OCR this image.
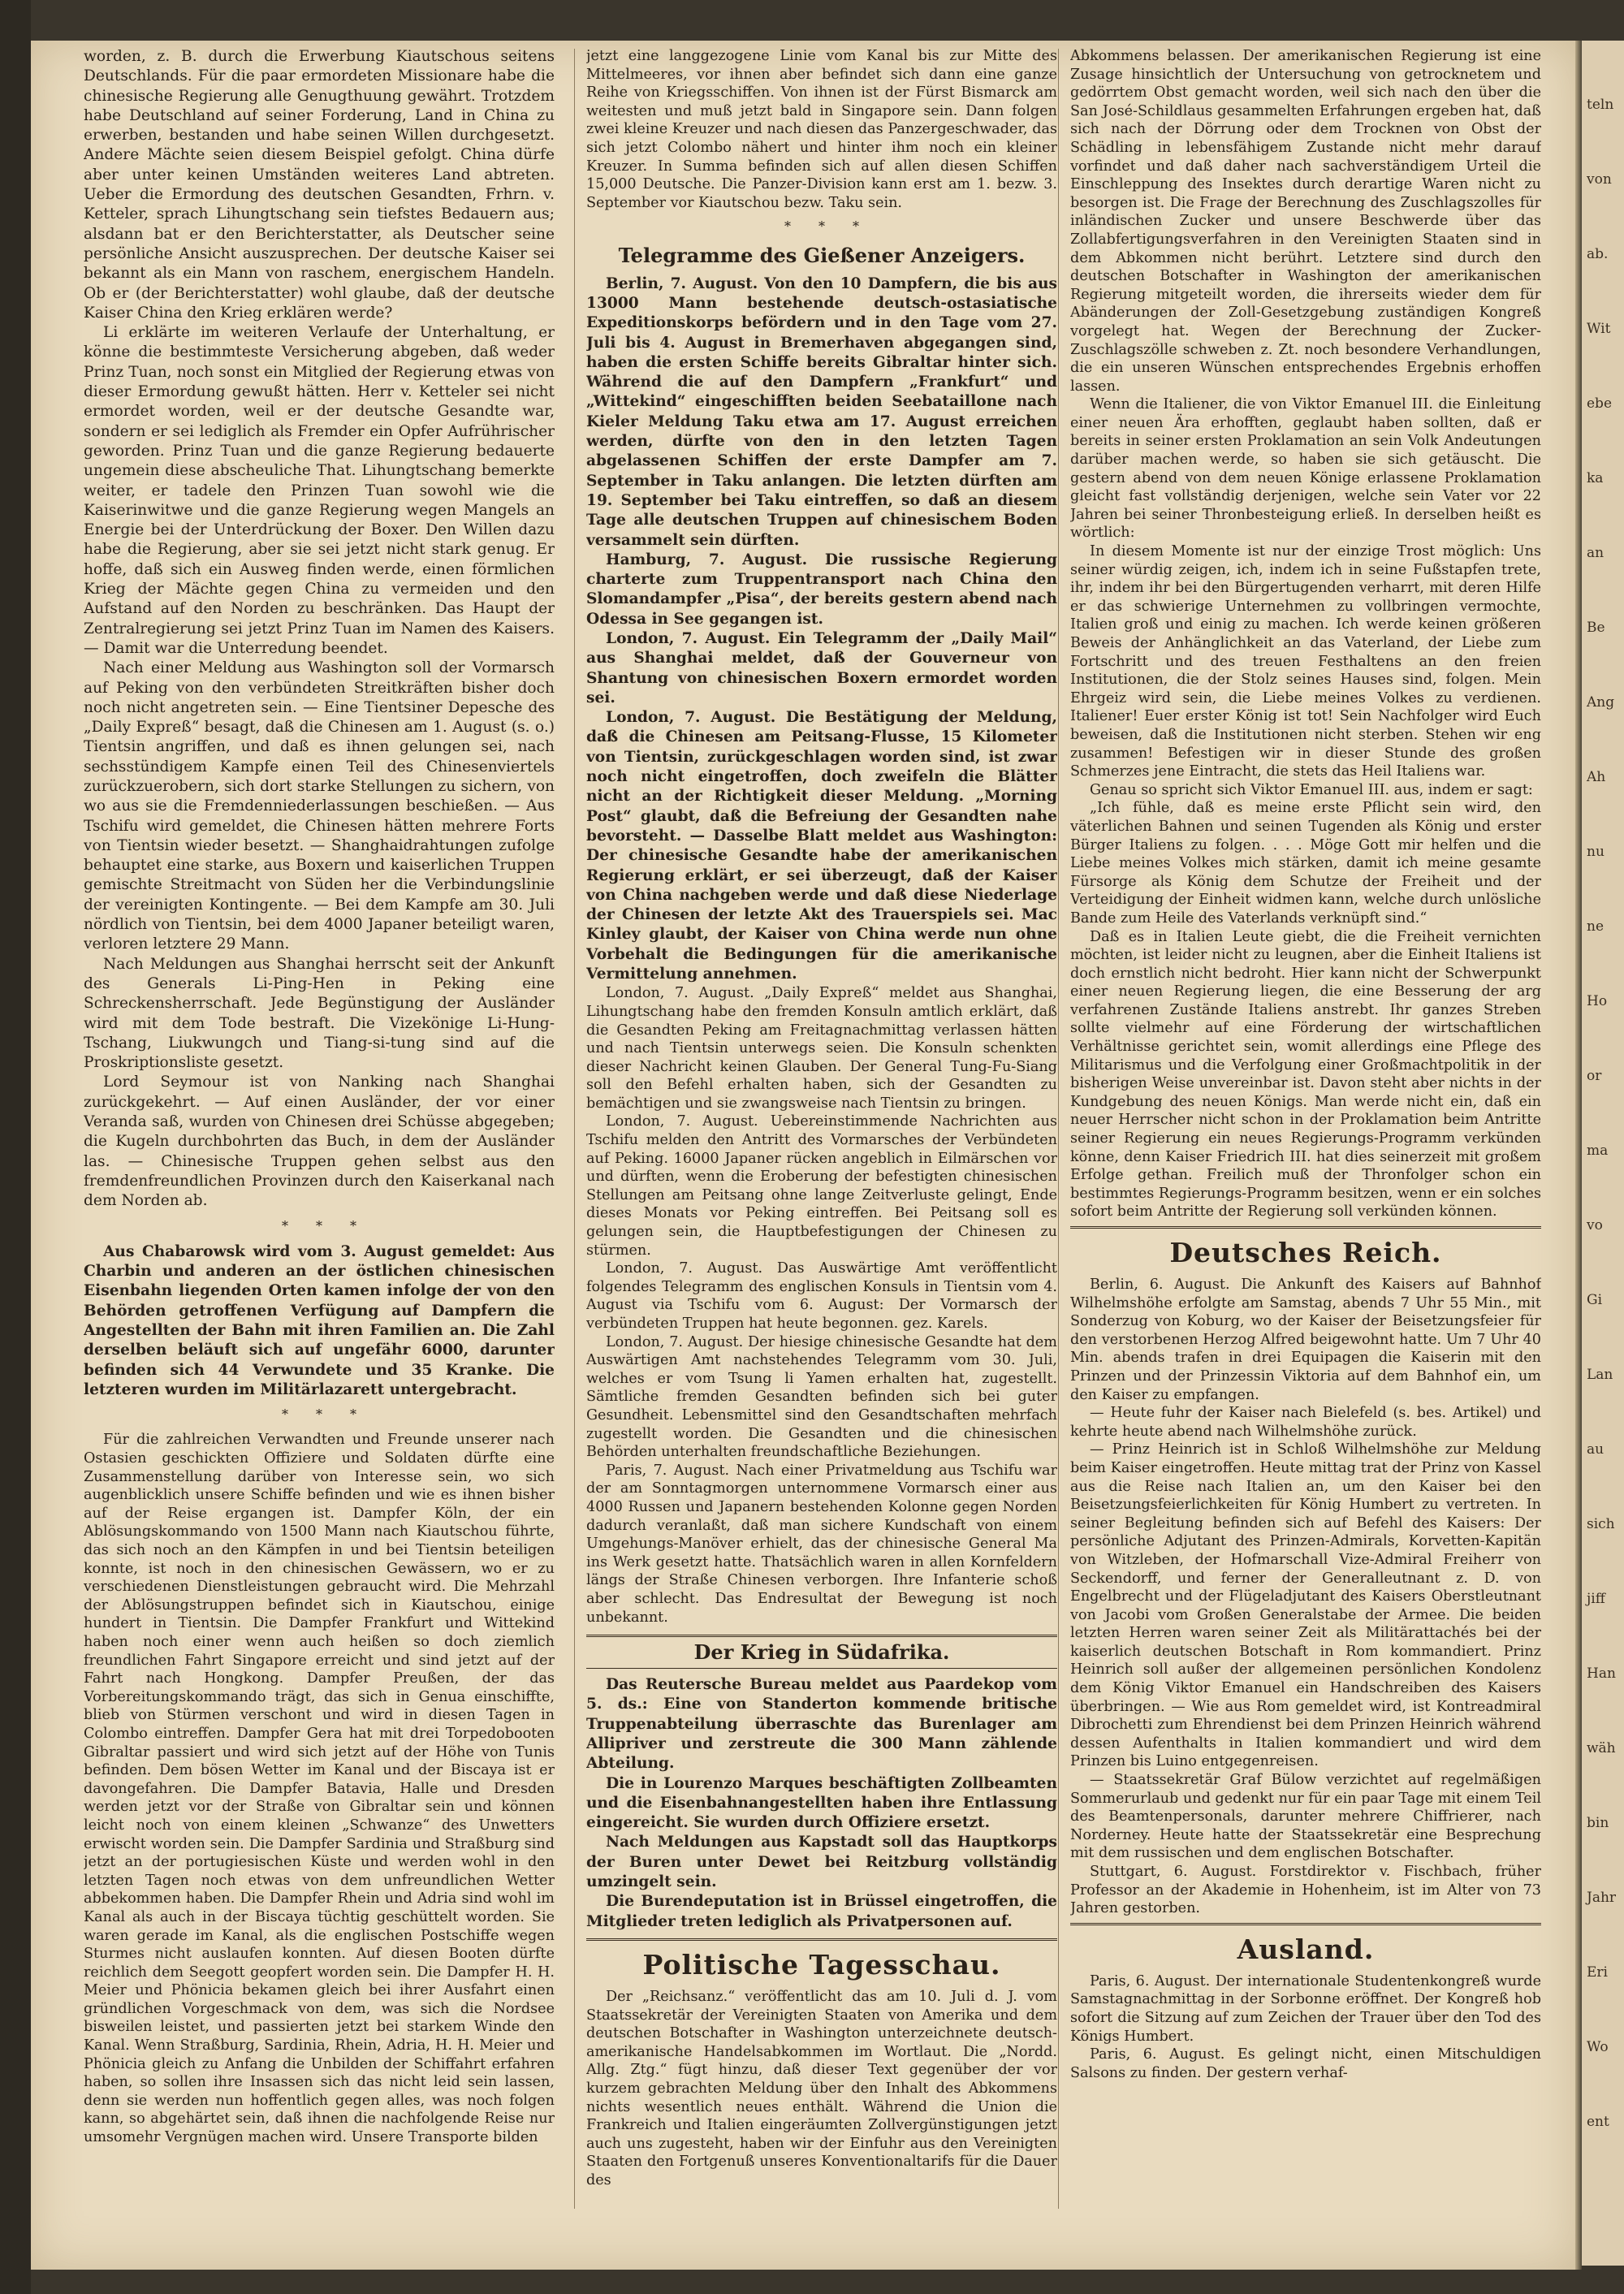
teln
von
ab.
Wit
ebe
ka
an
Be
Ang
Ah
nu
ne
Ho
or
ma
vo
Gi
Lan
au
sich
jiff
Han
wäh
bin
Jahr
Eri
Wo
ent

worden, z. B. durch die Erwerbung Kiautschous seitens Deutschlands. Für die paar ermordeten Missionare habe die chinesische Regierung alle Genugthuung gewährt. Trotzdem habe Deutschland auf seiner Forderung, Land in China zu erwerben, bestanden und habe seinen Willen durchgesetzt. Andere Mächte seien diesem Beispiel gefolgt. China dürfe aber unter keinen Umständen weiteres Land abtreten. Ueber die Ermordung des deutschen Gesandten, Frhrn. v. Ketteler, sprach Lihungtschang sein tiefstes Bedauern aus; alsdann bat er den Berichterstatter, als Deutscher seine persönliche Ansicht auszusprechen. Der deutsche Kaiser sei bekannt als ein Mann von raschem, energischem Handeln. Ob er (der Berichterstatter) wohl glaube, daß der deutsche Kaiser China den Krieg erklären werde?

Li erklärte im weiteren Verlaufe der Unterhaltung, er könne die bestimmteste Versicherung abgeben, daß weder Prinz Tuan, noch sonst ein Mitglied der Regierung etwas von dieser Ermordung gewußt hätten. Herr v. Ketteler sei nicht ermordet worden, weil er der deutsche Gesandte war, sondern er sei lediglich als Fremder ein Opfer Aufrührischer geworden. Prinz Tuan und die ganze Regierung bedauerte ungemein diese abscheuliche That. Lihungtschang bemerkte weiter, er tadele den Prinzen Tuan sowohl wie die Kaiserinwitwe und die ganze Regierung wegen Mangels an Energie bei der Unterdrückung der Boxer. Den Willen dazu habe die Regierung, aber sie sei jetzt nicht stark genug. Er hoffe, daß sich ein Ausweg finden werde, einen förmlichen Krieg der Mächte gegen China zu vermeiden und den Aufstand auf den Norden zu beschränken. Das Haupt der Zentralregierung sei jetzt Prinz Tuan im Namen des Kaisers. — Damit war die Unterredung beendet.

Nach einer Meldung aus Washington soll der Vormarsch auf Peking von den verbündeten Streitkräften bisher doch noch nicht angetreten sein. — Eine Tientsiner Depesche des „Daily Expreß“ besagt, daß die Chinesen am 1. August (s. o.) Tientsin angriffen, und daß es ihnen gelungen sei, nach sechsstündigem Kampfe einen Teil des Chinesenviertels zurückzuerobern, sich dort starke Stellungen zu sichern, von wo aus sie die Fremdenniederlassungen beschießen. — Aus Tschifu wird gemeldet, die Chinesen hätten mehrere Forts von Tientsin wieder besetzt. — Shanghaidrahtungen zufolge behauptet eine starke, aus Boxern und kaiserlichen Truppen gemischte Streitmacht von Süden her die Verbindungslinie der vereinigten Kontingente. — Bei dem Kampfe am 30. Juli nördlich von Tientsin, bei dem 4000 Japaner beteiligt waren, verloren letztere 29 Mann.

Nach Meldungen aus Shanghai herrscht seit der Ankunft des Generals Li-Ping-Hen in Peking eine Schreckensherrschaft. Jede Begünstigung der Ausländer wird mit dem Tode bestraft. Die Vizekönige Li-Hung-Tschang, Liukwungch und Tiang-si-tung sind auf die Proskriptionsliste gesetzt.

Lord Seymour ist von Nanking nach Shanghai zurückgekehrt. — Auf einen Ausländer, der vor einer Veranda saß, wurden von Chinesen drei Schüsse abgegeben; die Kugeln durchbohrten das Buch, in dem der Ausländer las. — Chinesische Truppen gehen selbst aus den fremdenfreundlichen Provinzen durch den Kaiserkanal nach dem Norden ab.

***

Aus Chabarowsk wird vom 3. August gemeldet: Aus Charbin und anderen an der östlichen chinesischen Eisenbahn liegenden Orten kamen infolge der von den Behörden getroffenen Verfügung auf Dampfern die Angestellten der Bahn mit ihren Familien an. Die Zahl derselben beläuft sich auf ungefähr 6000, darunter befinden sich 44 Verwundete und 35 Kranke. Die letzteren wurden im Militärlazarett untergebracht.

***

Für die zahlreichen Verwandten und Freunde unserer nach Ostasien geschickten Offiziere und Soldaten dürfte eine Zusammenstellung darüber von Interesse sein, wo sich augenblicklich unsere Schiffe befinden und wie es ihnen bisher auf der Reise ergangen ist. Dampfer Köln, der ein Ablösungskommando von 1500 Mann nach Kiautschou führte, das sich noch an den Kämpfen in und bei Tientsin beteiligen konnte, ist noch in den chinesischen Gewässern, wo er zu verschiedenen Dienstleistungen gebraucht wird. Die Mehrzahl der Ablösungstruppen befindet sich in Kiautschou, einige hundert in Tientsin. Die Dampfer Frankfurt und Wittekind haben noch einer wenn auch heißen so doch ziemlich freundlichen Fahrt Singapore erreicht und sind jetzt auf der Fahrt nach Hongkong. Dampfer Preußen, der das Vorbereitungskommando trägt, das sich in Genua einschiffte, blieb von Stürmen verschont und wird in diesen Tagen in Colombo eintreffen. Dampfer Gera hat mit drei Torpedobooten Gibraltar passiert und wird sich jetzt auf der Höhe von Tunis befinden. Dem bösen Wetter im Kanal und der Biscaya ist er davongefahren. Die Dampfer Batavia, Halle und Dresden werden jetzt vor der Straße von Gibraltar sein und können leicht noch von einem kleinen „Schwanze“ des Unwetters erwischt worden sein. Die Dampfer Sardinia und Straßburg sind jetzt an der portugiesischen Küste und werden wohl in den letzten Tagen noch etwas von dem unfreundlichen Wetter abbekommen haben. Die Dampfer Rhein und Adria sind wohl im Kanal als auch in der Biscaya tüchtig geschüttelt worden. Sie waren gerade im Kanal, als die englischen Postschiffe wegen Sturmes nicht auslaufen konnten. Auf diesen Booten dürfte reichlich dem Seegott geopfert worden sein. Die Dampfer H. H. Meier und Phönicia bekamen gleich bei ihrer Ausfahrt einen gründlichen Vorgeschmack von dem, was sich die Nordsee bisweilen leistet, und passierten jetzt bei starkem Winde den Kanal. Wenn Straßburg, Sardinia, Rhein, Adria, H. H. Meier und Phönicia gleich zu Anfang die Unbilden der Schiffahrt erfahren haben, so sollen ihre Insassen sich das nicht leid sein lassen, denn sie werden nun hoffentlich gegen alles, was noch folgen kann, so abgehärtet sein, daß ihnen die nachfolgende Reise nur umsomehr Vergnügen machen wird. Unsere Transporte bilden

jetzt eine langgezogene Linie vom Kanal bis zur Mitte des Mittelmeeres, vor ihnen aber befindet sich dann eine ganze Reihe von Kriegsschiffen. Von ihnen ist der Fürst Bismarck am weitesten und muß jetzt bald in Singapore sein. Dann folgen zwei kleine Kreuzer und nach diesen das Panzergeschwader, das sich jetzt Colombo nähert und hinter ihm noch ein kleiner Kreuzer. In Summa befinden sich auf allen diesen Schiffen 15,000 Deutsche. Die Panzer-Division kann erst am 1. bezw. 3. September vor Kiautschou bezw. Taku sein.

***
Telegramme des Gießener Anzeigers.

Berlin, 7. August. Von den 10 Dampfern, die bis aus 13000 Mann bestehende deutsch-ostasiatische Expeditionskorps befördern und in den Tage vom 27. Juli bis 4. August in Bremerhaven abgegangen sind, haben die ersten Schiffe bereits Gibraltar hinter sich. Während die auf den Dampfern „Frankfurt“ und „Wittekind“ eingeschifften beiden Seebataillone nach Kieler Meldung Taku etwa am 17. August erreichen werden, dürfte von den in den letzten Tagen abgelassenen Schiffen der erste Dampfer am 7. September in Taku anlangen. Die letzten dürften am 19. September bei Taku eintreffen, so daß an diesem Tage alle deutschen Truppen auf chinesischem Boden versammelt sein dürften.

Hamburg, 7. August. Die russische Regierung charterte zum Truppentransport nach China den Slomandampfer „Pisa“, der bereits gestern abend nach Odessa in See gegangen ist.

London, 7. August. Ein Telegramm der „Daily Mail“ aus Shanghai meldet, daß der Gouverneur von Shantung von chinesischen Boxern ermordet worden sei.

London, 7. August. Die Bestätigung der Meldung, daß die Chinesen am Peitsang-Flusse, 15 Kilometer von Tientsin, zurückgeschlagen worden sind, ist zwar noch nicht eingetroffen, doch zweifeln die Blätter nicht an der Richtigkeit dieser Meldung. „Morning Post“ glaubt, daß die Befreiung der Gesandten nahe bevorsteht. — Dasselbe Blatt meldet aus Washington: Der chinesische Gesandte habe der amerikanischen Regierung erklärt, er sei überzeugt, daß der Kaiser von China nachgeben werde und daß diese Niederlage der Chinesen der letzte Akt des Trauerspiels sei. Mac Kinley glaubt, der Kaiser von China werde nun ohne Vorbehalt die Bedingungen für die amerikanische Vermittelung annehmen.

London, 7. August. „Daily Expreß“ meldet aus Shanghai, Lihungtschang habe den fremden Konsuln amtlich erklärt, daß die Gesandten Peking am Freitagnachmittag verlassen hätten und nach Tientsin unterwegs seien. Die Konsuln schenkten dieser Nachricht keinen Glauben. Der General Tung-Fu-Siang soll den Befehl erhalten haben, sich der Gesandten zu bemächtigen und sie zwangsweise nach Tientsin zu bringen.

London, 7. August. Uebereinstimmende Nachrichten aus Tschifu melden den Antritt des Vormarsches der Verbündeten auf Peking. 16000 Japaner rücken angeblich in Eilmärschen vor und dürften, wenn die Eroberung der befestigten chinesischen Stellungen am Peitsang ohne lange Zeitverluste gelingt, Ende dieses Monats vor Peking eintreffen. Bei Peitsang soll es gelungen sein, die Hauptbefestigungen der Chinesen zu stürmen.

London, 7. August. Das Auswärtige Amt veröffentlicht folgendes Telegramm des englischen Konsuls in Tientsin vom 4. August via Tschifu vom 6. August: Der Vormarsch der verbündeten Truppen hat heute begonnen. gez. Karels.

London, 7. August. Der hiesige chinesische Gesandte hat dem Auswärtigen Amt nachstehendes Telegramm vom 30. Juli, welches er vom Tsung li Yamen erhalten hat, zugestellt. Sämtliche fremden Gesandten befinden sich bei guter Gesundheit. Lebensmittel sind den Gesandtschaften mehrfach zugestellt worden. Die Gesandten und die chinesischen Behörden unterhalten freundschaftliche Beziehungen.

Paris, 7. August. Nach einer Privatmeldung aus Tschifu war der am Sonntagmorgen unternommene Vormarsch einer aus 4000 Russen und Japanern bestehenden Kolonne gegen Norden dadurch veranlaßt, daß man sichere Kundschaft von einem Umgehungs-Manöver erhielt, das der chinesische General Ma ins Werk gesetzt hatte. Thatsächlich waren in allen Kornfeldern längs der Straße Chinesen verborgen. Ihre Infanterie schoß aber schlecht. Das Endresultat der Bewegung ist noch unbekannt.

Der Krieg in Südafrika.

Das Reutersche Bureau meldet aus Paardekop vom 5. ds.: Eine von Standerton kommende britische Truppenabteilung überraschte das Burenlager am Allipriver und zerstreute die 300 Mann zählende Abteilung.

Die in Lourenzo Marques beschäftigten Zollbeamten und die Eisenbahnangestellten haben ihre Entlassung eingereicht. Sie wurden durch Offiziere ersetzt.

Nach Meldungen aus Kapstadt soll das Hauptkorps der Buren unter Dewet bei Reitzburg vollständig umzingelt sein.

Die Burendeputation ist in Brüssel eingetroffen, die Mitglieder treten lediglich als Privatpersonen auf.

Politische Tagesschau.

Der „Reichsanz.“ veröffentlicht das am 10. Juli d. J. vom Staatssekretär der Vereinigten Staaten von Amerika und dem deutschen Botschafter in Washington unterzeichnete deutsch-amerikanische Handelsabkommen im Wortlaut. Die „Nordd. Allg. Ztg.“ fügt hinzu, daß dieser Text gegenüber der vor kurzem gebrachten Meldung über den Inhalt des Abkommens nichts wesentlich neues enthält. Während die Union die Frankreich und Italien eingeräumten Zollvergünstigungen jetzt auch uns zugesteht, haben wir der Einfuhr aus den Vereinigten Staaten den Fortgenuß unseres Konventionaltarifs für die Dauer des

Abkommens belassen. Der amerikanischen Regierung ist eine Zusage hinsichtlich der Untersuchung von getrocknetem und gedörrtem Obst gemacht worden, weil sich nach den über die San José-Schildlaus gesammelten Erfahrungen ergeben hat, daß sich nach der Dörrung oder dem Trocknen von Obst der Schädling in lebensfähigem Zustande nicht mehr darauf vorfindet und daß daher nach sachverständigem Urteil die Einschleppung des Insektes durch derartige Waren nicht zu besorgen ist. Die Frage der Berechnung des Zuschlagszolles für inländischen Zucker und unsere Beschwerde über das Zollabfertigungsverfahren in den Vereinigten Staaten sind in dem Abkommen nicht berührt. Letztere sind durch den deutschen Botschafter in Washington der amerikanischen Regierung mitgeteilt worden, die ihrerseits wieder dem für Abänderungen der Zoll-Gesetzgebung zuständigen Kongreß vorgelegt hat. Wegen der Berechnung der Zucker-Zuschlagszölle schweben z. Zt. noch besondere Verhandlungen, die ein unseren Wünschen entsprechendes Ergebnis erhoffen lassen.

Wenn die Italiener, die von Viktor Emanuel III. die Einleitung einer neuen Ära erhofften, geglaubt haben sollten, daß er bereits in seiner ersten Proklamation an sein Volk Andeutungen darüber machen werde, so haben sie sich getäuscht. Die gestern abend von dem neuen Könige erlassene Proklamation gleicht fast vollständig derjenigen, welche sein Vater vor 22 Jahren bei seiner Thronbesteigung erließ. In derselben heißt es wörtlich:

In diesem Momente ist nur der einzige Trost möglich: Uns seiner würdig zeigen, ich, indem ich in seine Fußstapfen trete, ihr, indem ihr bei den Bürgertugenden verharrt, mit deren Hilfe er das schwierige Unternehmen zu vollbringen vermochte, Italien groß und einig zu machen. Ich werde keinen größeren Beweis der Anhänglichkeit an das Vaterland, der Liebe zum Fortschritt und des treuen Festhaltens an den freien Institutionen, die der Stolz seines Hauses sind, folgen. Mein Ehrgeiz wird sein, die Liebe meines Volkes zu verdienen. Italiener! Euer erster König ist tot! Sein Nachfolger wird Euch beweisen, daß die Institutionen nicht sterben. Stehen wir eng zusammen! Befestigen wir in dieser Stunde des großen Schmerzes jene Eintracht, die stets das Heil Italiens war.

Genau so spricht sich Viktor Emanuel III. aus, indem er sagt:

„Ich fühle, daß es meine erste Pflicht sein wird, den väterlichen Bahnen und seinen Tugenden als König und erster Bürger Italiens zu folgen. . . . Möge Gott mir helfen und die Liebe meines Volkes mich stärken, damit ich meine gesamte Fürsorge als König dem Schutze der Freiheit und der Verteidigung der Einheit widmen kann, welche durch unlösliche Bande zum Heile des Vaterlands verknüpft sind.“

Daß es in Italien Leute giebt, die die Freiheit vernichten möchten, ist leider nicht zu leugnen, aber die Einheit Italiens ist doch ernstlich nicht bedroht. Hier kann nicht der Schwerpunkt einer neuen Regierung liegen, die eine Besserung der arg verfahrenen Zustände Italiens anstrebt. Ihr ganzes Streben sollte vielmehr auf eine Förderung der wirtschaftlichen Verhältnisse gerichtet sein, womit allerdings eine Pflege des Militarismus und die Verfolgung einer Großmachtpolitik in der bisherigen Weise unvereinbar ist. Davon steht aber nichts in der Kundgebung des neuen Königs. Man werde nicht ein, daß ein neuer Herrscher nicht schon in der Proklamation beim Antritte seiner Regierung ein neues Regierungs-Programm verkünden könne, denn Kaiser Friedrich III. hat dies seinerzeit mit großem Erfolge gethan. Freilich muß der Thronfolger schon ein bestimmtes Regierungs-Programm besitzen, wenn er ein solches sofort beim Antritte der Regierung soll verkünden können.

Deutsches Reich.

Berlin, 6. August. Die Ankunft des Kaisers auf Bahnhof Wilhelmshöhe erfolgte am Samstag, abends 7 Uhr 55 Min., mit Sonderzug von Koburg, wo der Kaiser der Beisetzungsfeier für den verstorbenen Herzog Alfred beigewohnt hatte. Um 7 Uhr 40 Min. abends trafen in drei Equipagen die Kaiserin mit den Prinzen und der Prinzessin Viktoria auf dem Bahnhof ein, um den Kaiser zu empfangen.

— Heute fuhr der Kaiser nach Bielefeld (s. bes. Artikel) und kehrte heute abend nach Wilhelmshöhe zurück.

— Prinz Heinrich ist in Schloß Wilhelmshöhe zur Meldung beim Kaiser eingetroffen. Heute mittag trat der Prinz von Kassel aus die Reise nach Italien an, um den Kaiser bei den Beisetzungsfeierlichkeiten für König Humbert zu vertreten. In seiner Begleitung befinden sich auf Befehl des Kaisers: Der persönliche Adjutant des Prinzen-Admirals, Korvetten-Kapitän von Witzleben, der Hofmarschall Vize-Admiral Freiherr von Seckendorff, und ferner der Generalleutnant z. D. von Engelbrecht und der Flügeladjutant des Kaisers Oberstleutnant von Jacobi vom Großen Generalstabe der Armee. Die beiden letzten Herren waren seiner Zeit als Militärattachés bei der kaiserlich deutschen Botschaft in Rom kommandiert. Prinz Heinrich soll außer der allgemeinen persönlichen Kondolenz dem König Viktor Emanuel ein Handschreiben des Kaisers überbringen. — Wie aus Rom gemeldet wird, ist Kontreadmiral Dibrochetti zum Ehrendienst bei dem Prinzen Heinrich während dessen Aufenthalts in Italien kommandiert und wird dem Prinzen bis Luino entgegenreisen.

— Staatssekretär Graf Bülow verzichtet auf regelmäßigen Sommerurlaub und gedenkt nur für ein paar Tage mit einem Teil des Beamtenpersonals, darunter mehrere Chiffrierer, nach Norderney. Heute hatte der Staatssekretär eine Besprechung mit dem russischen und dem englischen Botschafter.

Stuttgart, 6. August. Forstdirektor v. Fischbach, früher Professor an der Akademie in Hohenheim, ist im Alter von 73 Jahren gestorben.

Ausland.

Paris, 6. August. Der internationale Studentenkongreß wurde Samstagnachmittag in der Sorbonne eröffnet. Der Kongreß hob sofort die Sitzung auf zum Zeichen der Trauer über den Tod des Königs Humbert.

Paris, 6. August. Es gelingt nicht, einen Mitschuldigen Salsons zu finden. Der gestern verhaf-
